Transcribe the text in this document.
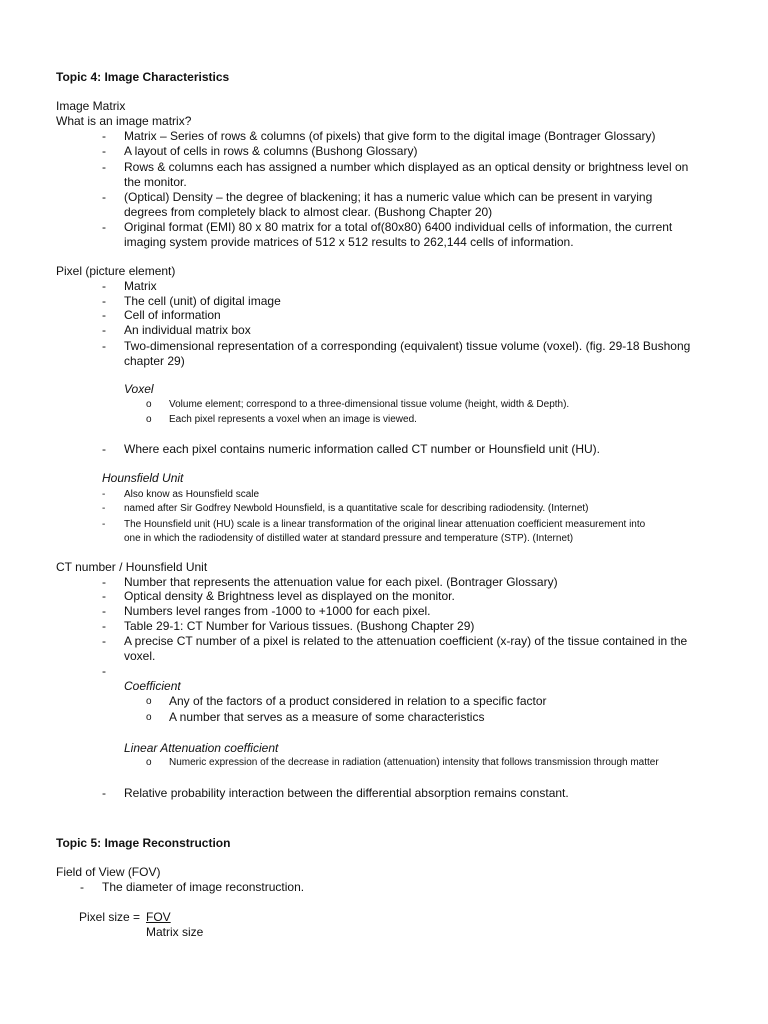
Topic 4: Image Characteristics
Image Matrix
What is an image matrix?
- Matrix – Series of rows & columns (of pixels) that give form to the digital image (Bontrager Glossary)
- A layout of cells in rows & columns (Bushong Glossary)
- Rows & columns each has assigned a number which displayed as an optical density or brightness level on
the monitor.
- (Optical) Density – the degree of blackening; it has a numeric value which can be present in varying
degrees from completely black to almost clear. (Bushong Chapter 20)
- Original format (EMI) 80 x 80 matrix for a total of(80x80) 6400 individual cells of information, the current
imaging system provide matrices of 512 x 512 results to 262,144 cells of information.
Pixel (picture element)
- Matrix
- The cell (unit) of digital image
- Cell of information
- An individual matrix box
- Two-dimensional representation of a corresponding (equivalent) tissue volume (voxel). (fig. 29-18 Bushong
chapter 29)
Voxel
o Volume element; correspond to a three-dimensional tissue volume (height, width & Depth).
o Each pixel represents a voxel when an image is viewed.
- Where each pixel contains numeric information called CT number or Hounsfield unit (HU).
Hounsfield Unit
- Also know as Hounsfield scale
- named after Sir Godfrey Newbold Hounsfield, is a quantitative scale for describing radiodensity. (Internet)
- The Hounsfield unit (HU) scale is a linear transformation of the original linear attenuation coefficient measurement into
one in which the radiodensity of distilled water at standard pressure and temperature (STP). (Internet)
CT number / Hounsfield Unit
- Number that represents the attenuation value for each pixel. (Bontrager Glossary)
- Optical density & Brightness level as displayed on the monitor.
- Numbers level ranges from -1000 to +1000 for each pixel.
- Table 29-1: CT Number for Various tissues. (Bushong Chapter 29)
- A precise CT number of a pixel is related to the attenuation coefficient (x-ray) of the tissue contained in the
voxel.
-
Coefficient
o Any of the factors of a product considered in relation to a specific factor
o A number that serves as a measure of some characteristics
Linear Attenuation coefficient
o Numeric expression of the decrease in radiation (attenuation) intensity that follows transmission through matter
- Relative probability interaction between the differential absorption remains constant.
Topic 5: Image Reconstruction
Field of View (FOV)
- The diameter of image reconstruction.
Pixel size = FOV
Matrix size
